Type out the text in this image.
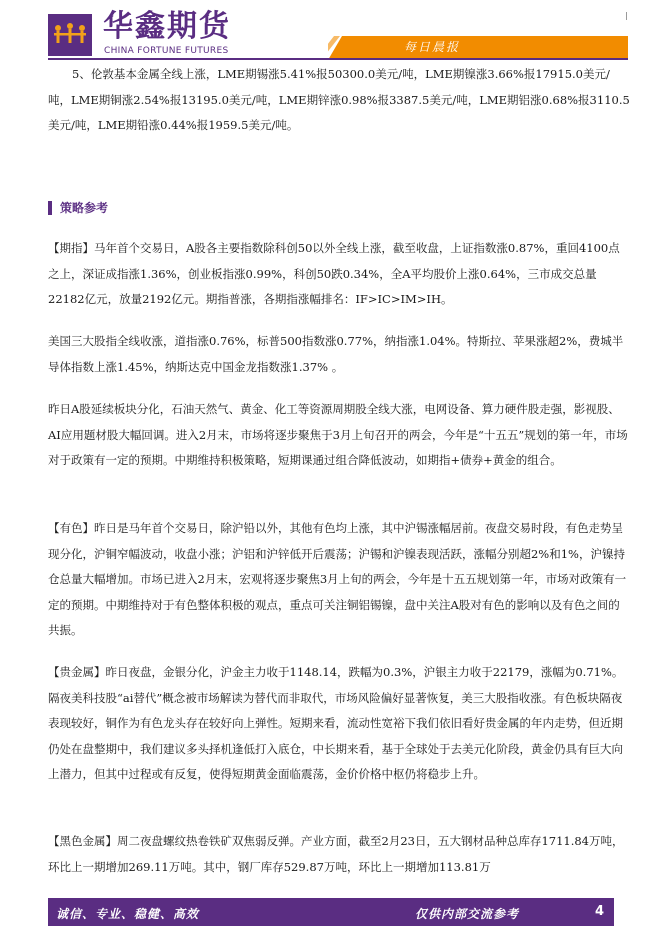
华鑫期货
CHINA FORTUNE FUTURES	每日晨报
5、伦敦基本金属全线上涨，LME期锡涨5.41%报50300.0美元/吨，LME期镍涨3.66%报17915.0美元/吨，LME期铜涨2.54%报13195.0美元/吨，LME期锌涨0.98%报3387.5美元/吨，LME期铝涨0.68%报3110.5美元/吨，LME期铅涨0.44%报1959.5美元/吨。
策略参考
【期指】马年首个交易日，A股各主要指数除科创50以外全线上涨，截至收盘，上证指数涨0.87%，重回4100点之上，深证成指涨1.36%，创业板指涨0.99%，科创50跌0.34%，全A平均股价上涨0.64%，三市成交总量22182亿元，放量2192亿元。期指普涨，各期指涨幅排名：IF>IC>IM>IH。
美国三大股指全线收涨，道指涨0.76%，标普500指数涨0.77%，纳指涨1.04%。特斯拉、苹果涨超2%，费城半导体指数上涨1.45%，纳斯达克中国金龙指数涨1.37% 。
昨日A股延续板块分化，石油天然气、黄金、化工等资源周期股全线大涨，电网设备、算力硬件股走强，影视股、AI应用题材股大幅回调。进入2月末，市场将逐步聚焦于3月上旬召开的两会，今年是“十五五”规划的第一年，市场对于政策有一定的预期。中期维持积极策略，短期课通过组合降低波动，如期指+债券+黄金的组合。
【有色】昨日是马年首个交易日，除沪铅以外，其他有色均上涨，其中沪锡涨幅居前。夜盘交易时段，有色走势呈现分化，沪铜窄幅波动，收盘小涨；沪铝和沪锌低开后震荡；沪锡和沪镍表现活跃，涨幅分别超2%和1%，沪镍持仓总量大幅增加。市场已进入2月末，宏观将逐步聚焦3月上旬的两会，今年是十五五规划第一年，市场对政策有一定的预期。中期维持对于有色整体积极的观点，重点可关注铜铝锡镍，盘中关注A股对有色的影响以及有色之间的共振。
【贵金属】昨日夜盘，金银分化，沪金主力收于1148.14，跌幅为0.3%，沪银主力收于22179，涨幅为0.71%。隔夜美科技股“ai替代”概念被市场解读为替代而非取代，市场风险偏好显著恢复，美三大股指收涨。有色板块隔夜表现较好，铜作为有色龙头存在较好向上弹性。短期来看，流动性宽裕下我们依旧看好贵金属的年内走势，但近期仍处在盘整期中，我们建议多头择机逢低打入底仓，中长期来看，基于全球处于去美元化阶段，黄金仍具有巨大向上潜力，但其中过程或有反复，使得短期黄金面临震荡，金价价格中枢仍将稳步上升。
【黑色金属】周二夜盘螺纹热卷铁矿双焦弱反弹。产业方面，截至2月23日，五大钢材品种总库存1711.84万吨，环比上一期增加269.11万吨。其中，钢厂库存529.87万吨，环比上一期增加113.81万
诚信、专业、稳健、高效	仅供内部交流参考	4
